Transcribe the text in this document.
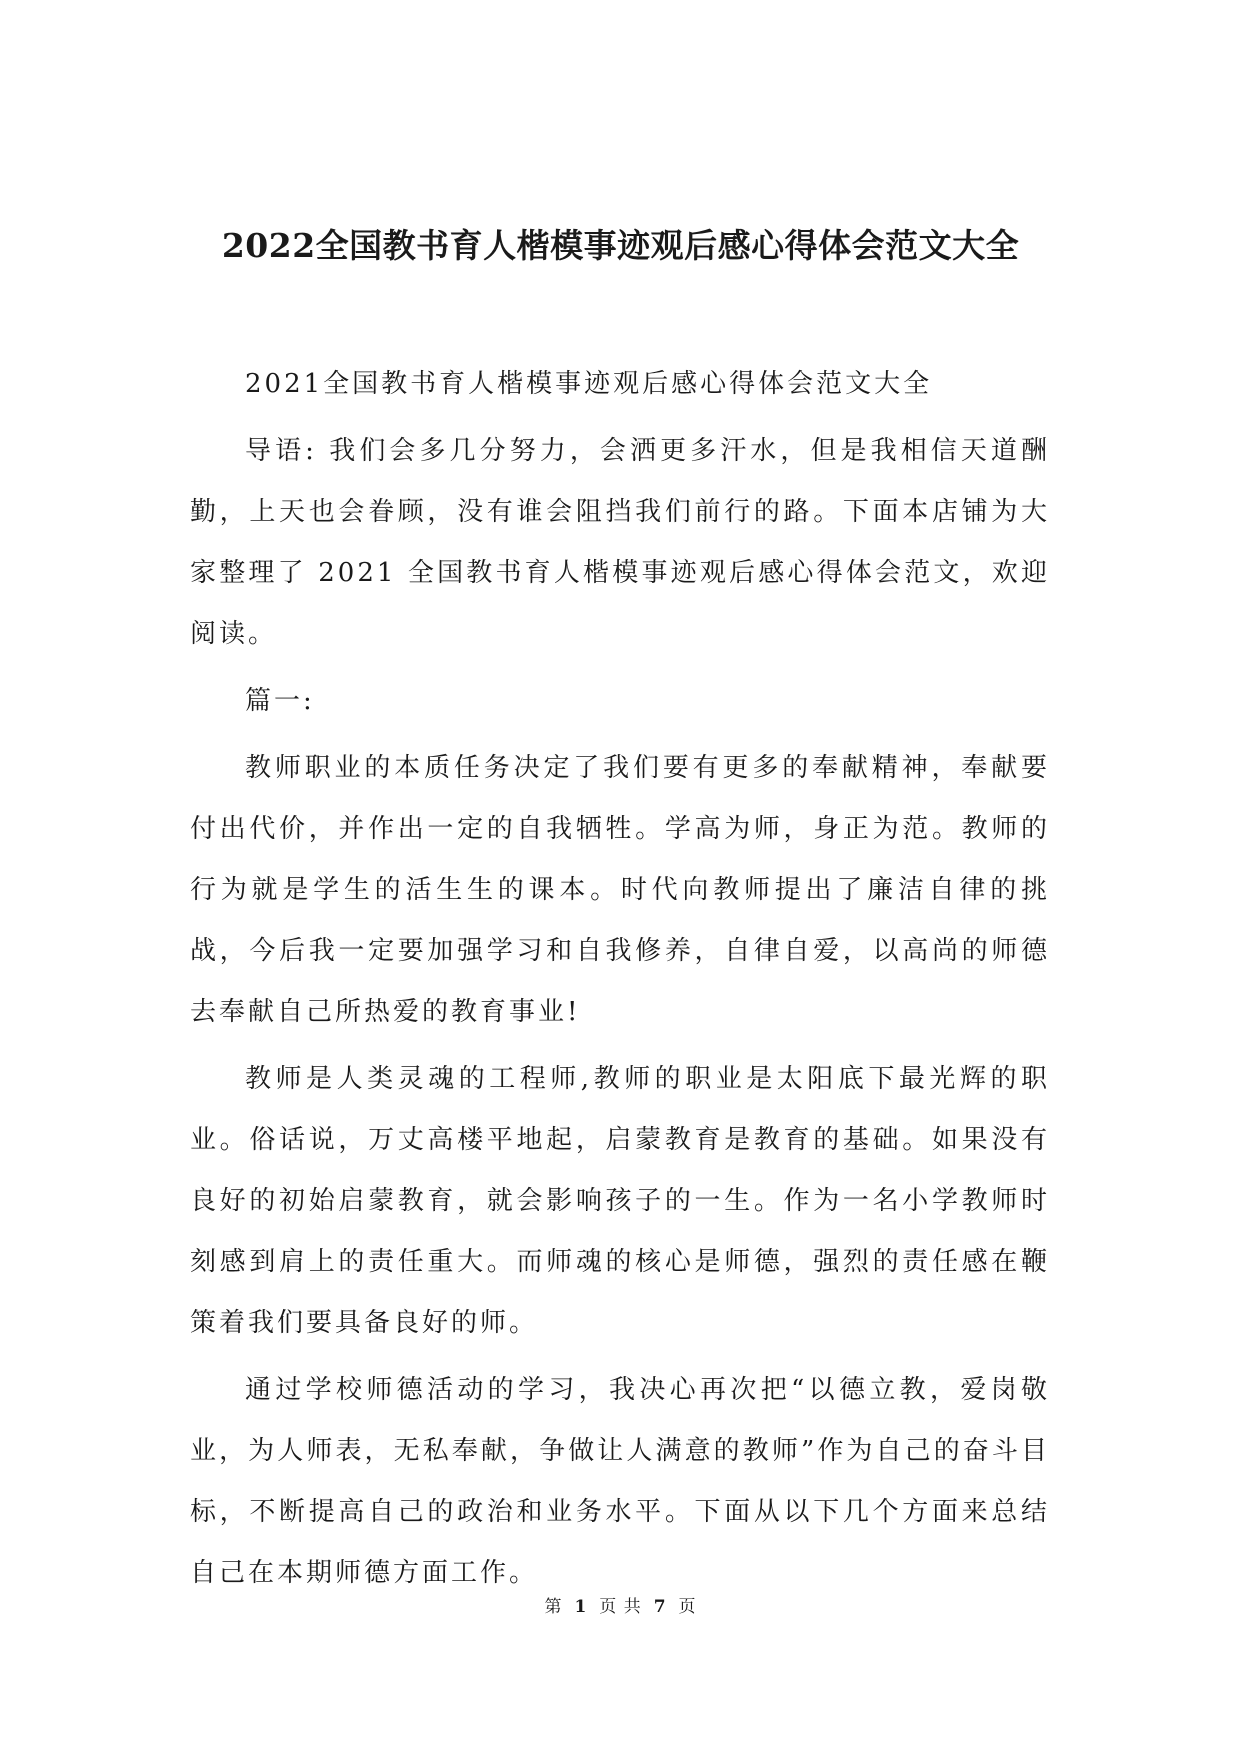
2022全国教书育人楷模事迹观后感心得体会范文大全

2021全国教书育人楷模事迹观后感心得体会范文大全

导语: 我们会多几分努力，会洒更多汗水，但是我相信天道酬勤，上天也会眷顾，没有谁会阻挡我们前行的路。下面本店铺为大家整理了 2021 全国教书育人楷模事迹观后感心得体会范文，欢迎阅读。

篇一:

教师职业的本质任务决定了我们要有更多的奉献精神，奉献要付出代价，并作出一定的自我牺牲。学高为师，身正为范。教师的行为就是学生的活生生的课本。时代向教师提出了廉洁自律的挑战，今后我一定要加强学习和自我修养，自律自爱，以高尚的师德去奉献自己所热爱的教育事业!

教师是人类灵魂的工程师,教师的职业是太阳底下最光辉的职业。俗话说，万丈高楼平地起，启蒙教育是教育的基础。如果没有良好的初始启蒙教育，就会影响孩子的一生。作为一名小学教师时刻感到肩上的责任重大。而师魂的核心是师德，强烈的责任感在鞭策着我们要具备良好的师。

通过学校师德活动的学习，我决心再次把“以德立教，爱岗敬业，为人师表，无私奉献，争做让人满意的教师”作为自己的奋斗目标，不断提高自己的政治和业务水平。下面从以下几个方面来总结自己在本期师德方面工作。

第 1 页 共 7 页
